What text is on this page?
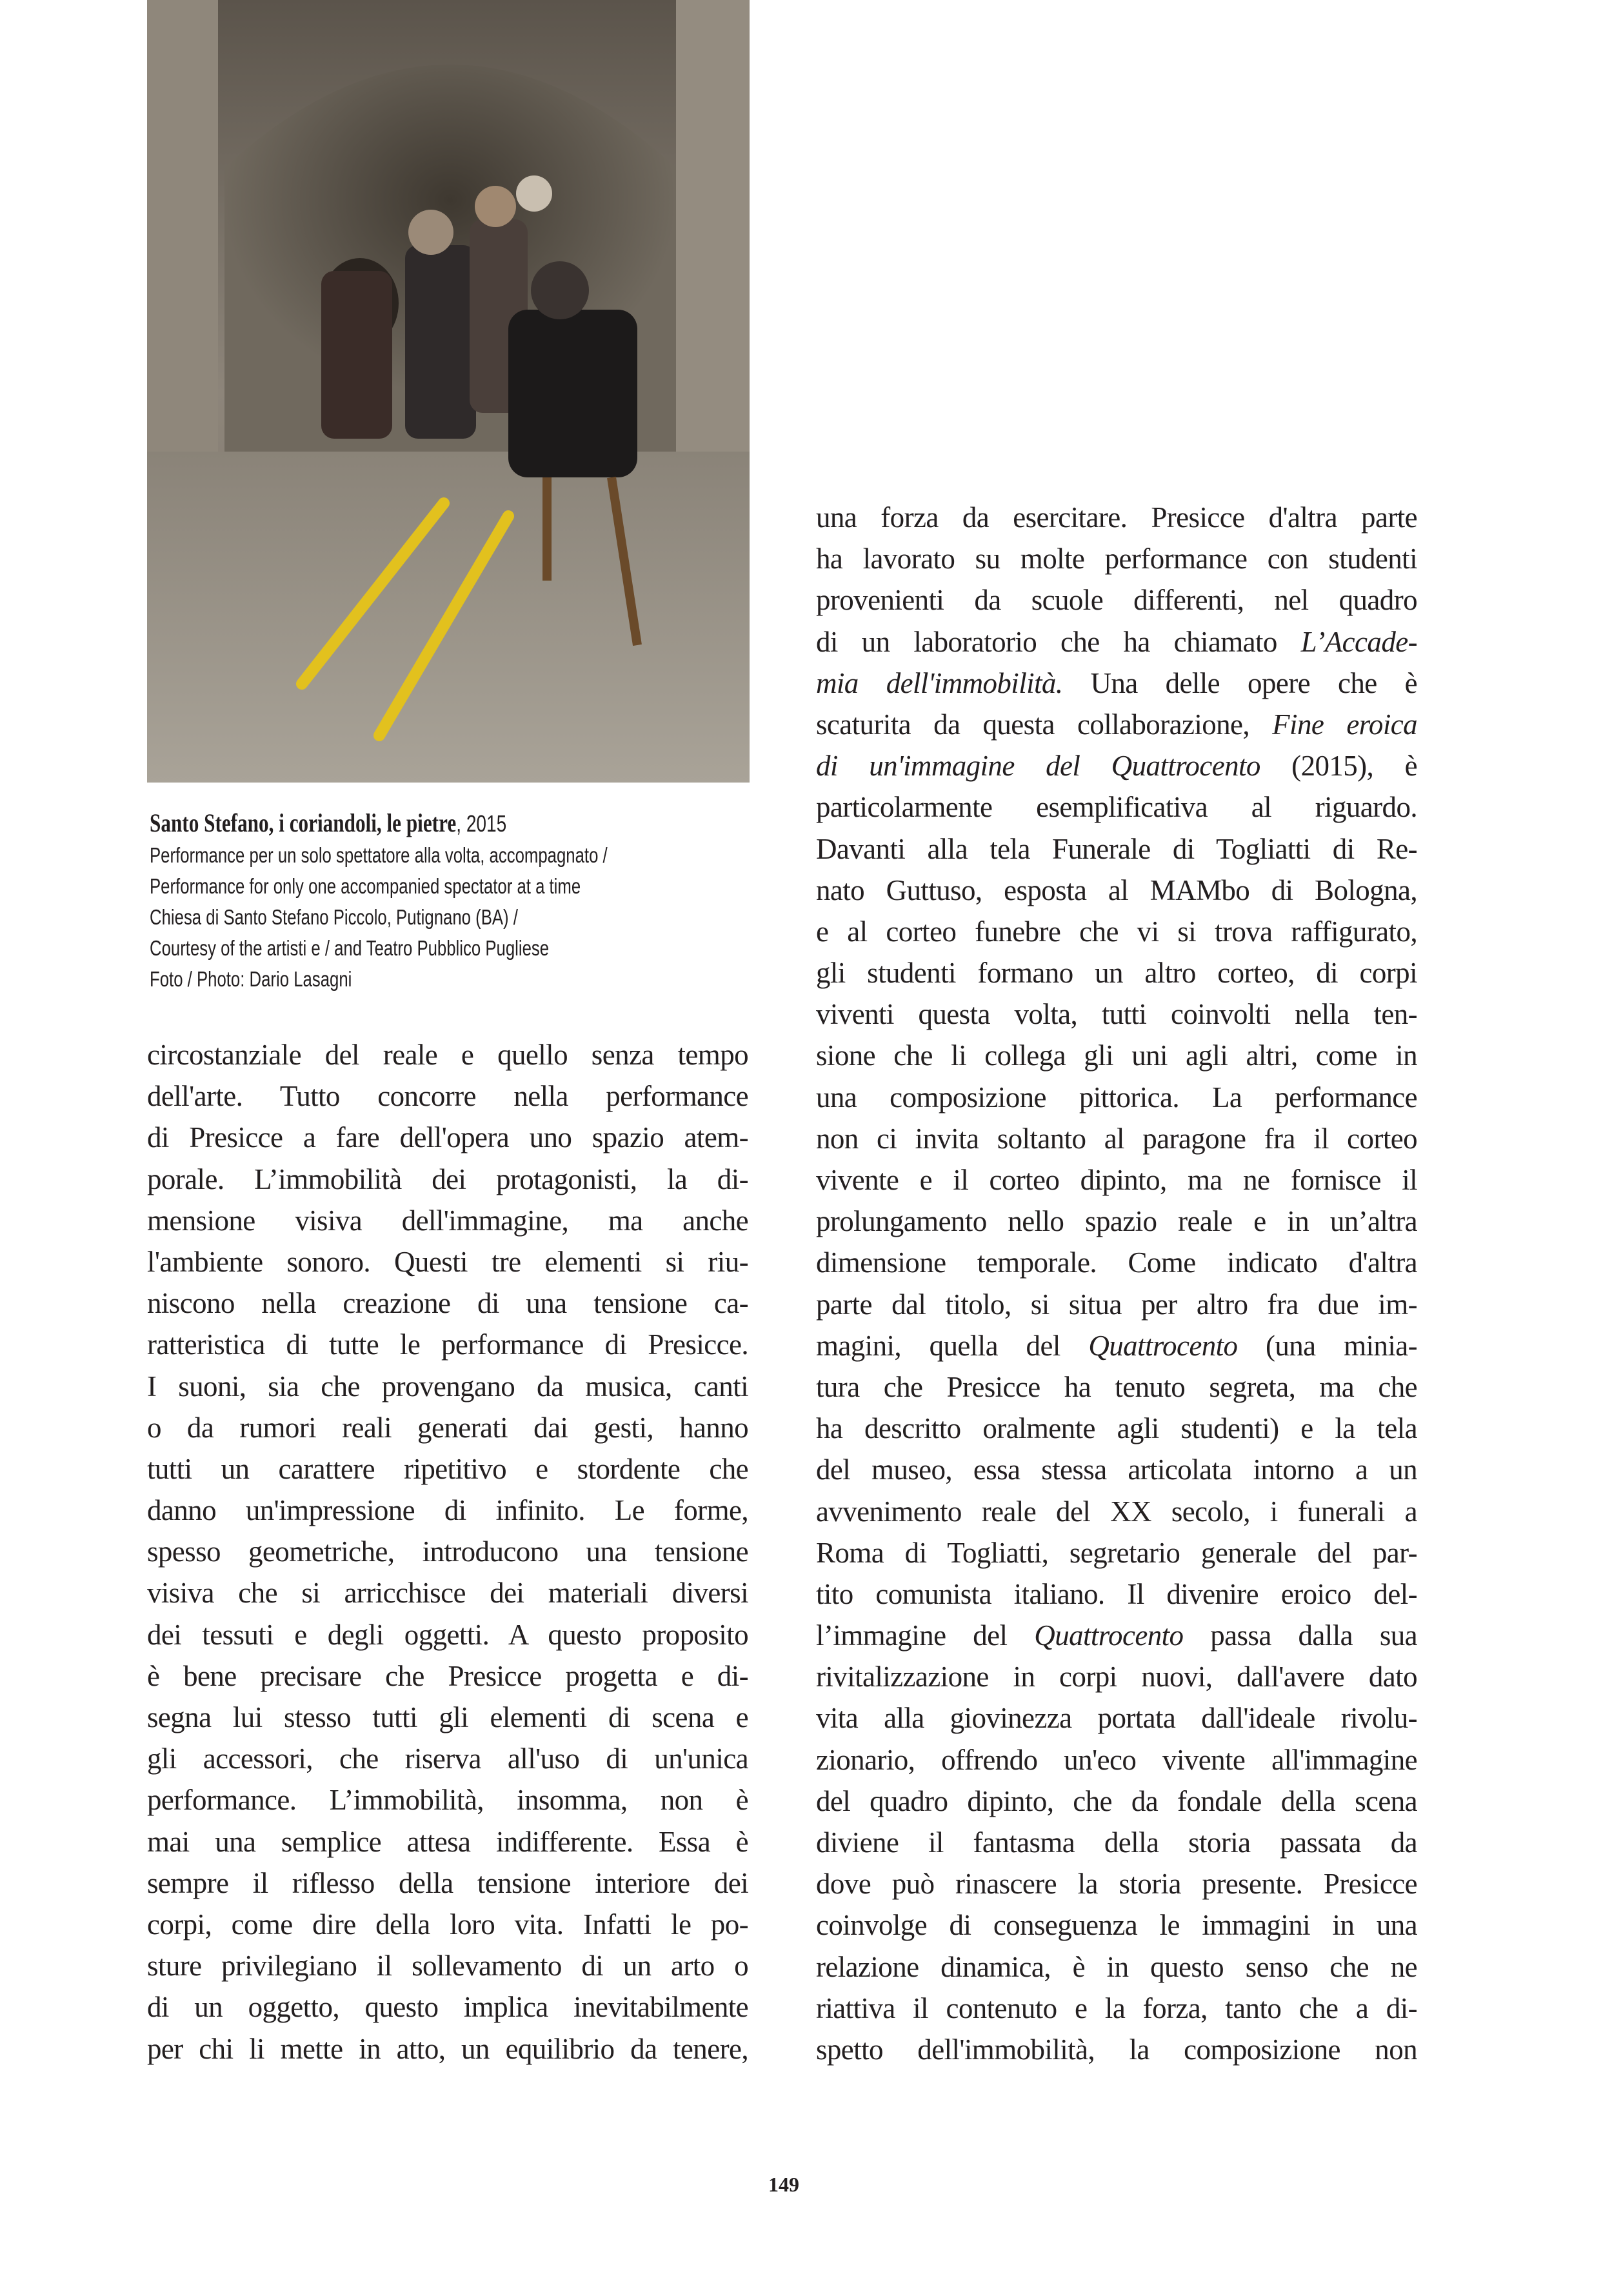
Santo Stefano, i coriandoli, le pietre, 2015
Performance per un solo spettatore alla volta, accompagnato /
Performance for only one accompanied spectator at a time
Chiesa di Santo Stefano Piccolo, Putignano (BA) /
Courtesy of the artisti e / and Teatro Pubblico Pugliese
Foto / Photo: Dario Lasagni
circostanziale del reale e quello senza tempo
dell'arte. Tutto concorre nella performance
di Presicce a fare dell'opera uno spazio atem-
porale. L’immobilità dei protagonisti, la di-
mensione visiva dell'immagine, ma anche
l'ambiente sonoro. Questi tre elementi si riu-
niscono nella creazione di una tensione ca-
ratteristica di tutte le performance di Presicce.
I suoni, sia che provengano da musica, canti
o da rumori reali generati dai gesti, hanno
tutti un carattere ripetitivo e stordente che
danno un'impressione di infinito. Le forme,
spesso geometriche, introducono una tensione
visiva che si arricchisce dei materiali diversi
dei tessuti e degli oggetti. A questo proposito
è bene precisare che Presicce progetta e di-
segna lui stesso tutti gli elementi di scena e
gli accessori, che riserva all'uso di un'unica
performance. L’immobilità, insomma, non è
mai una semplice attesa indifferente. Essa è
sempre il riflesso della tensione interiore dei
corpi, come dire della loro vita. Infatti le po-
sture privilegiano il sollevamento di un arto o
di un oggetto, questo implica inevitabilmente
per chi li mette in atto, un equilibrio da tenere,
una forza da esercitare. Presicce d'altra parte
ha lavorato su molte performance con studenti
provenienti da scuole differenti, nel quadro
di un laboratorio che ha chiamato L’Accade-
mia dell'immobilità. Una delle opere che è
scaturita da questa collaborazione, Fine eroica
di un'immagine del Quattrocento (2015), è
particolarmente esemplificativa al riguardo.
Davanti alla tela Funerale di Togliatti di Re-
nato Guttuso, esposta al MAMbo di Bologna,
e al corteo funebre che vi si trova raffigurato,
gli studenti formano un altro corteo, di corpi
viventi questa volta, tutti coinvolti nella ten-
sione che li collega gli uni agli altri, come in
una composizione pittorica. La performance
non ci invita soltanto al paragone fra il corteo
vivente e il corteo dipinto, ma ne fornisce il
prolungamento nello spazio reale e in un’altra
dimensione temporale. Come indicato d'altra
parte dal titolo, si situa per altro fra due im-
magini, quella del Quattrocento (una minia-
tura che Presicce ha tenuto segreta, ma che
ha descritto oralmente agli studenti) e la tela
del museo, essa stessa articolata intorno a un
avvenimento reale del XX secolo, i funerali a
Roma di Togliatti, segretario generale del par-
tito comunista italiano. Il divenire eroico del-
l’immagine del Quattrocento passa dalla sua
rivitalizzazione in corpi nuovi, dall'avere dato
vita alla giovinezza portata dall'ideale rivolu-
zionario, offrendo un'eco vivente all'immagine
del quadro dipinto, che da fondale della scena
diviene il fantasma della storia passata da
dove può rinascere la storia presente. Presicce
coinvolge di conseguenza le immagini in una
relazione dinamica, è in questo senso che ne
riattiva il contenuto e la forza, tanto che a di-
spetto dell'immobilità, la composizione non
149
